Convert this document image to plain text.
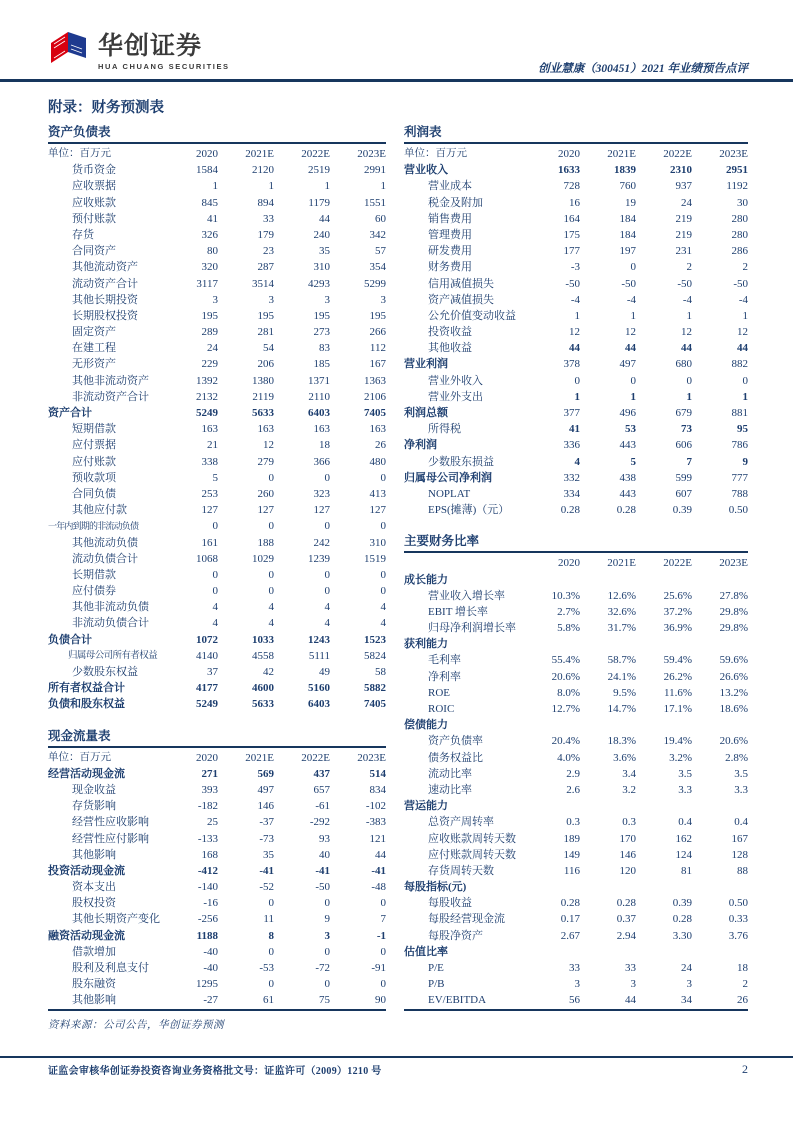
华创证券
HUA CHUANG SECURITIES	创业慧康（300451）2021 年业绩预告点评
附录：财务预测表
资产负债表
单位：百万元	2020	2021E	2022E	2023E
货币资金	1584	2120	2519	2991
应收票据	1	1	1	1
应收账款	845	894	1179	1551
预付账款	41	33	44	60
存货	326	179	240	342
合同资产	80	23	35	57
其他流动资产	320	287	310	354
流动资产合计	3117	3514	4293	5299
其他长期投资	3	3	3	3
长期股权投资	195	195	195	195
固定资产	289	281	273	266
在建工程	24	54	83	112
无形资产	229	206	185	167
其他非流动资产	1392	1380	1371	1363
非流动资产合计	2132	2119	2110	2106
资产合计	5249	5633	6403	7405
短期借款	163	163	163	163
应付票据	21	12	18	26
应付账款	338	279	366	480
预收款项	5	0	0	0
合同负债	253	260	323	413
其他应付款	127	127	127	127
一年内到期的非流动负债	0	0	0	0
其他流动负债	161	188	242	310
流动负债合计	1068	1029	1239	1519
长期借款	0	0	0	0
应付债券	0	0	0	0
其他非流动负债	4	4	4	4
非流动负债合计	4	4	4	4
负债合计	1072	1033	1243	1523
归属母公司所有者权益	4140	4558	5111	5824
少数股东权益	37	42	49	58
所有者权益合计	4177	4600	5160	5882
负债和股东权益	5249	5633	6403	7405
现金流量表
单位：百万元	2020	2021E	2022E	2023E
经营活动现金流	271	569	437	514
现金收益	393	497	657	834
存货影响	-182	146	-61	-102
经营性应收影响	25	-37	-292	-383
经营性应付影响	-133	-73	93	121
其他影响	168	35	40	44
投资活动现金流	-412	-41	-41	-41
资本支出	-140	-52	-50	-48
股权投资	-16	0	0	0
其他长期资产变化	-256	11	9	7
融资活动现金流	1188	8	3	-1
借款增加	-40	0	0	0
股利及利息支付	-40	-53	-72	-91
股东融资	1295	0	0	0
其他影响	-27	61	75	90
资料来源：公司公告，华创证券预测
利润表
单位：百万元	2020	2021E	2022E	2023E
营业收入	1633	1839	2310	2951
营业成本	728	760	937	1192
税金及附加	16	19	24	30
销售费用	164	184	219	280
管理费用	175	184	219	280
研发费用	177	197	231	286
财务费用	-3	0	2	2
信用减值损失	-50	-50	-50	-50
资产减值损失	-4	-4	-4	-4
公允价值变动收益	1	1	1	1
投资收益	12	12	12	12
其他收益	44	44	44	44
营业利润	378	497	680	882
营业外收入	0	0	0	0
营业外支出	1	1	1	1
利润总额	377	496	679	881
所得税	41	53	73	95
净利润	336	443	606	786
少数股东损益	4	5	7	9
归属母公司净利润	332	438	599	777
NOPLAT	334	443	607	788
EPS(摊薄)（元）	0.28	0.28	0.39	0.50
主要财务比率
2020	2021E	2022E	2023E
成长能力
营业收入增长率	10.3%	12.6%	25.6%	27.8%
EBIT 增长率	2.7%	32.6%	37.2%	29.8%
归母净利润增长率	5.8%	31.7%	36.9%	29.8%
获利能力
毛利率	55.4%	58.7%	59.4%	59.6%
净利率	20.6%	24.1%	26.2%	26.6%
ROE	8.0%	9.5%	11.6%	13.2%
ROIC	12.7%	14.7%	17.1%	18.6%
偿债能力
资产负债率	20.4%	18.3%	19.4%	20.6%
债务权益比	4.0%	3.6%	3.2%	2.8%
流动比率	2.9	3.4	3.5	3.5
速动比率	2.6	3.2	3.3	3.3
营运能力
总资产周转率	0.3	0.3	0.4	0.4
应收账款周转天数	189	170	162	167
应付账款周转天数	149	146	124	128
存货周转天数	116	120	81	88
每股指标(元)
每股收益	0.28	0.28	0.39	0.50
每股经营现金流	0.17	0.37	0.28	0.33
每股净资产	2.67	2.94	3.30	3.76
估值比率
P/E	33	33	24	18
P/B	3	3	3	2
EV/EBITDA	56	44	34	26
证监会审核华创证券投资咨询业务资格批文号：证监许可（2009）1210 号	2
